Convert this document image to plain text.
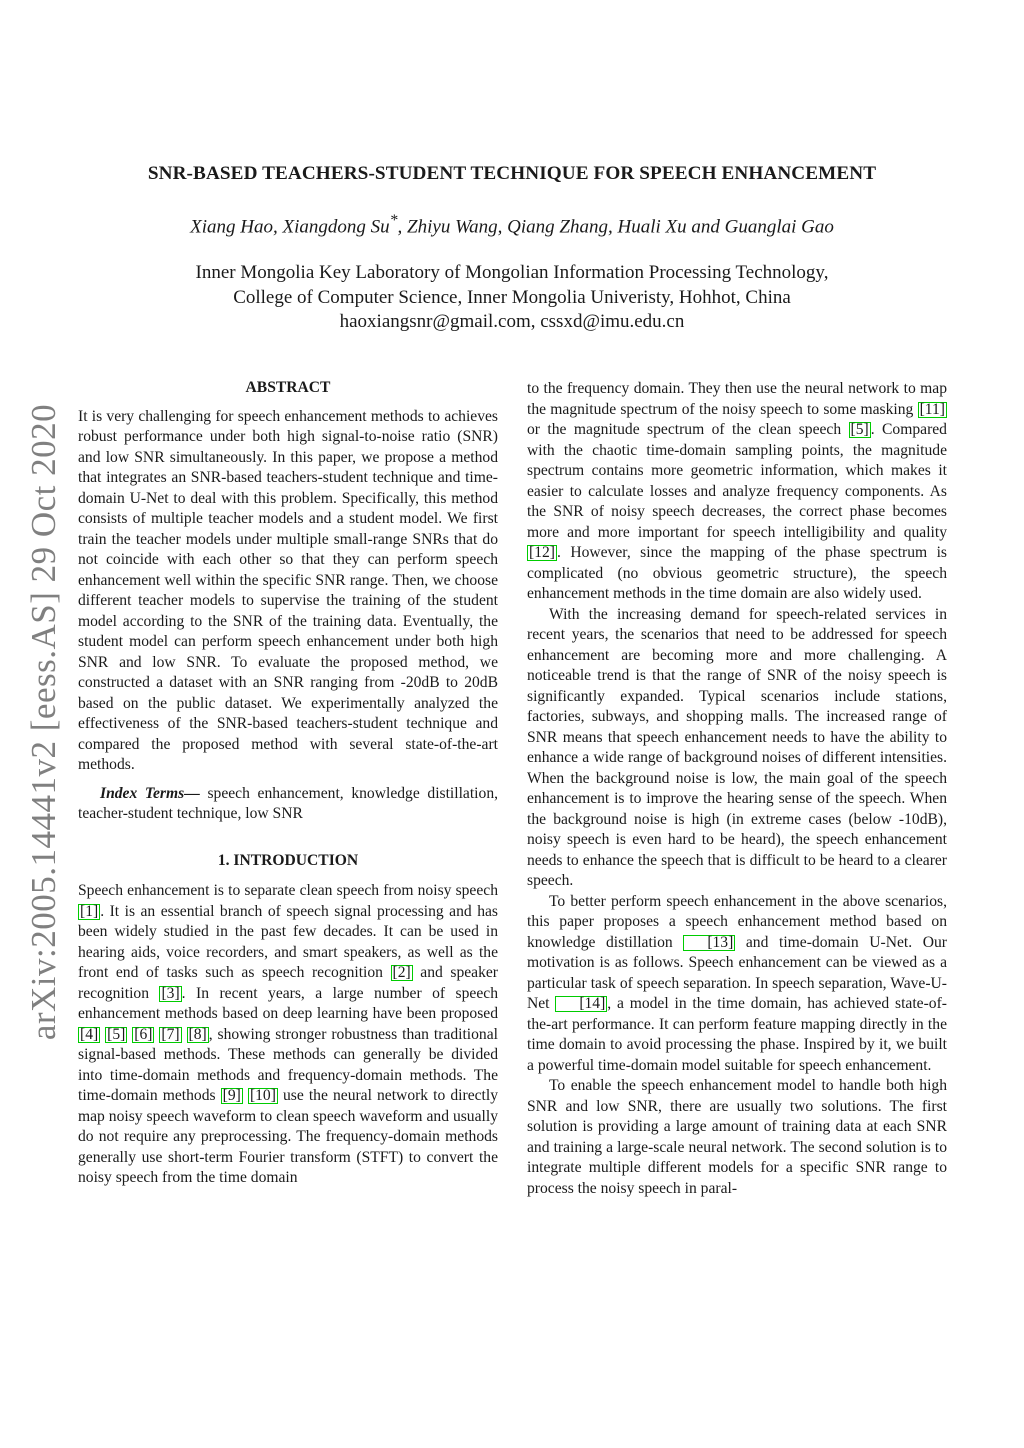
arXiv:2005.14441v2 [eess.AS] 29 Oct 2020
SNR-BASED TEACHERS-STUDENT TECHNIQUE FOR SPEECH ENHANCEMENT
Xiang Hao, Xiangdong Su*, Zhiyu Wang, Qiang Zhang, Huali Xu and Guanglai Gao
Inner Mongolia Key Laboratory of Mongolian Information Processing Technology,
College of Computer Science, Inner Mongolia Univeristy, Hohhot, China
haoxiangsnr@gmail.com, cssxd@imu.edu.cn
ABSTRACT

It is very challenging for speech enhancement methods to achieves robust performance under both high signal-to-noise ratio (SNR) and low SNR simultaneously. In this paper, we propose a method that integrates an SNR-based teachers-student technique and time-domain U-Net to deal with this problem. Specifically, this method consists of multiple teacher models and a student model. We first train the teacher models under multiple small-range SNRs that do not coincide with each other so that they can perform speech enhancement well within the specific SNR range. Then, we choose different teacher models to supervise the training of the student model according to the SNR of the training data. Eventually, the student model can perform speech enhancement under both high SNR and low SNR. To evaluate the proposed method, we constructed a dataset with an SNR ranging from -20dB to 20dB based on the public dataset. We experimentally analyzed the effectiveness of the SNR-based teachers-student technique and compared the proposed method with several state-of-the-art methods.

Index Terms— speech enhancement, knowledge distillation, teacher-student technique, low SNR

1. INTRODUCTION

Speech enhancement is to separate clean speech from noisy speech [1] . It is an essential branch of speech signal processing and has been widely studied in the past few decades. It can be used in hearing aids, voice recorders, and smart speakers, as well as the front end of tasks such as speech recognition [2] and speaker recognition [3] . In recent years, a large number of speech enhancement methods based on deep learning have been proposed [4] [5] [6] [7] [8] , showing stronger robustness than traditional signal-based methods. These methods can generally be divided into time-domain methods and frequency-domain methods. The time-domain methods [9] [10] use the neural network to directly map noisy speech waveform to clean speech waveform and usually do not require any preprocessing. The frequency-domain methods generally use short-term Fourier transform (STFT) to convert the noisy speech from the time domain

to the frequency domain. They then use the neural network to map the magnitude spectrum of the noisy speech to some masking [11] or the magnitude spectrum of the clean speech [5] . Compared with the chaotic time-domain sampling points, the magnitude spectrum contains more geometric information, which makes it easier to calculate losses and analyze frequency components. As the SNR of noisy speech decreases, the correct phase becomes more and more important for speech intelligibility and quality [12] . However, since the mapping of the phase spectrum is complicated (no obvious geometric structure), the speech enhancement methods in the time domain are also widely used.

With the increasing demand for speech-related services in recent years, the scenarios that need to be addressed for speech enhancement are becoming more and more challenging. A noticeable trend is that the range of SNR of the noisy speech is significantly expanded. Typical scenarios include stations, factories, subways, and shopping malls. The increased range of SNR means that speech enhancement needs to have the ability to enhance a wide range of background noises of different intensities. When the background noise is low, the main goal of the speech enhancement is to improve the hearing sense of the speech. When the background noise is high (in extreme cases (below -10dB), noisy speech is even hard to be heard), the speech enhancement needs to enhance the speech that is difficult to be heard to a clearer speech.

To better perform speech enhancement in the above scenarios, this paper proposes a speech enhancement method based on knowledge distillation [13] and time-domain U-Net. Our motivation is as follows. Speech enhancement can be viewed as a particular task of speech separation. In speech separation, Wave-U-Net [14] , a model in the time domain, has achieved state-of-the-art performance. It can perform feature mapping directly in the time domain to avoid processing the phase. Inspired by it, we built a powerful time-domain model suitable for speech enhancement.

To enable the speech enhancement model to handle both high SNR and low SNR, there are usually two solutions. The first solution is providing a large amount of training data at each SNR and training a large-scale neural network. The second solution is to integrate multiple different models for a specific SNR range to process the noisy speech in paral-
